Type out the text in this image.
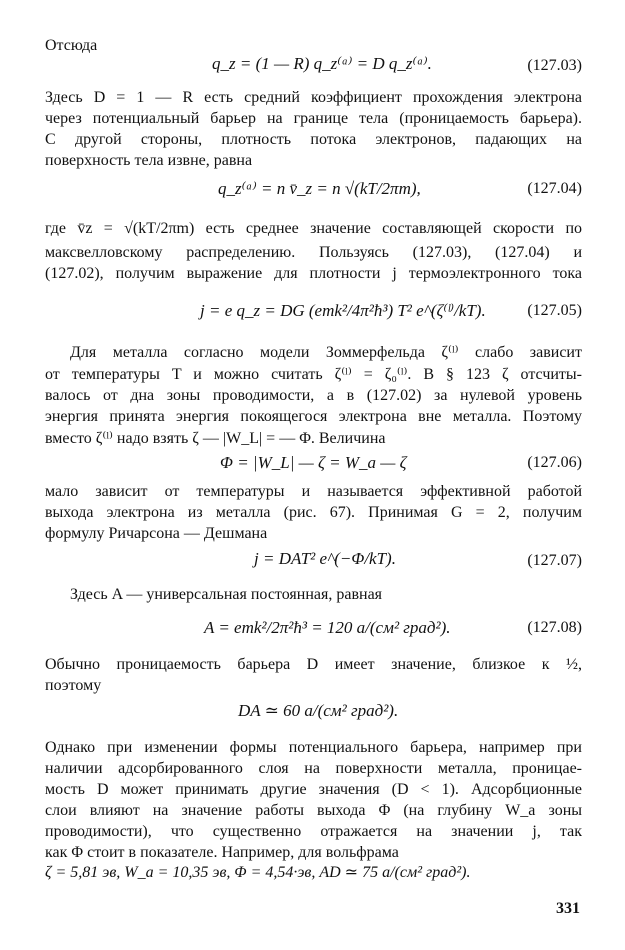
Отсюда
q_z = (1 — R) q_z⁽ᵃ⁾ = D q_z⁽ᵃ⁾.	(127.03)
Здесь D = 1 — R есть средний коэффициент прохождения электрона
через потенциальный барьер на границе тела (проницаемость барьера).
С другой стороны, плотность потока электронов, падающих на
поверхность тела извне, равна
q_z⁽ᵃ⁾ = n v̄_z = n √(kT/2πm),	(127.04)
где v̄z = √(kT/2πm) есть среднее значение составляющей скорости по
максвелловскому распределению. Пользуясь (127.03), (127.04) и
(127.02), получим выражение для плотности j термоэлектронного тока
j = e q_z = DG (emk²/4π²ħ³) T² e^(ζ⁽ˡ⁾/kT).	(127.05)
Для металла согласно модели Зоммерфельда ζ⁽ˡ⁾ слабо зависит
от температуры T и можно считать ζ⁽ˡ⁾ = ζ₀⁽ˡ⁾. В § 123 ζ отсчиты-
валось от дна зоны проводимости, а в (127.02) за нулевой уровень
энергия принята энергия покоящегося электрона вне металла. Поэтому
вместо ζ⁽ˡ⁾ надо взять ζ — |W_L| = — Φ. Величина
Φ = |W_L| — ζ = W_a — ζ	(127.06)
мало зависит от температуры и называется эффективной работой
выхода электрона из металла (рис. 67). Принимая G = 2, получим
формулу Ричарсона — Дешмана
j = DAT² e^(−Φ/kT).	(127.07)
Здесь A — универсальная постоянная, равная
A = emk²/2π²ħ³ = 120 a/(см² град²).	(127.08)
Обычно проницаемость барьера D имеет значение, близкое к ½,
поэтому
DA ≃ 60 a/(см² град²).
Однако при изменении формы потенциального барьера, например при
наличии адсорбированного слоя на поверхности металла, проницае-
мость D может принимать другие значения (D < 1). Адсорбционные
слои влияют на значение работы выхода Φ (на глубину W_a зоны
проводимости), что существенно отражается на значении j, так
как Φ стоит в показателе. Например, для вольфрама
ζ = 5,81 эв, W_a = 10,35 эв, Φ = 4,54·эв, AD ≃ 75 a/(см² град²).
331
